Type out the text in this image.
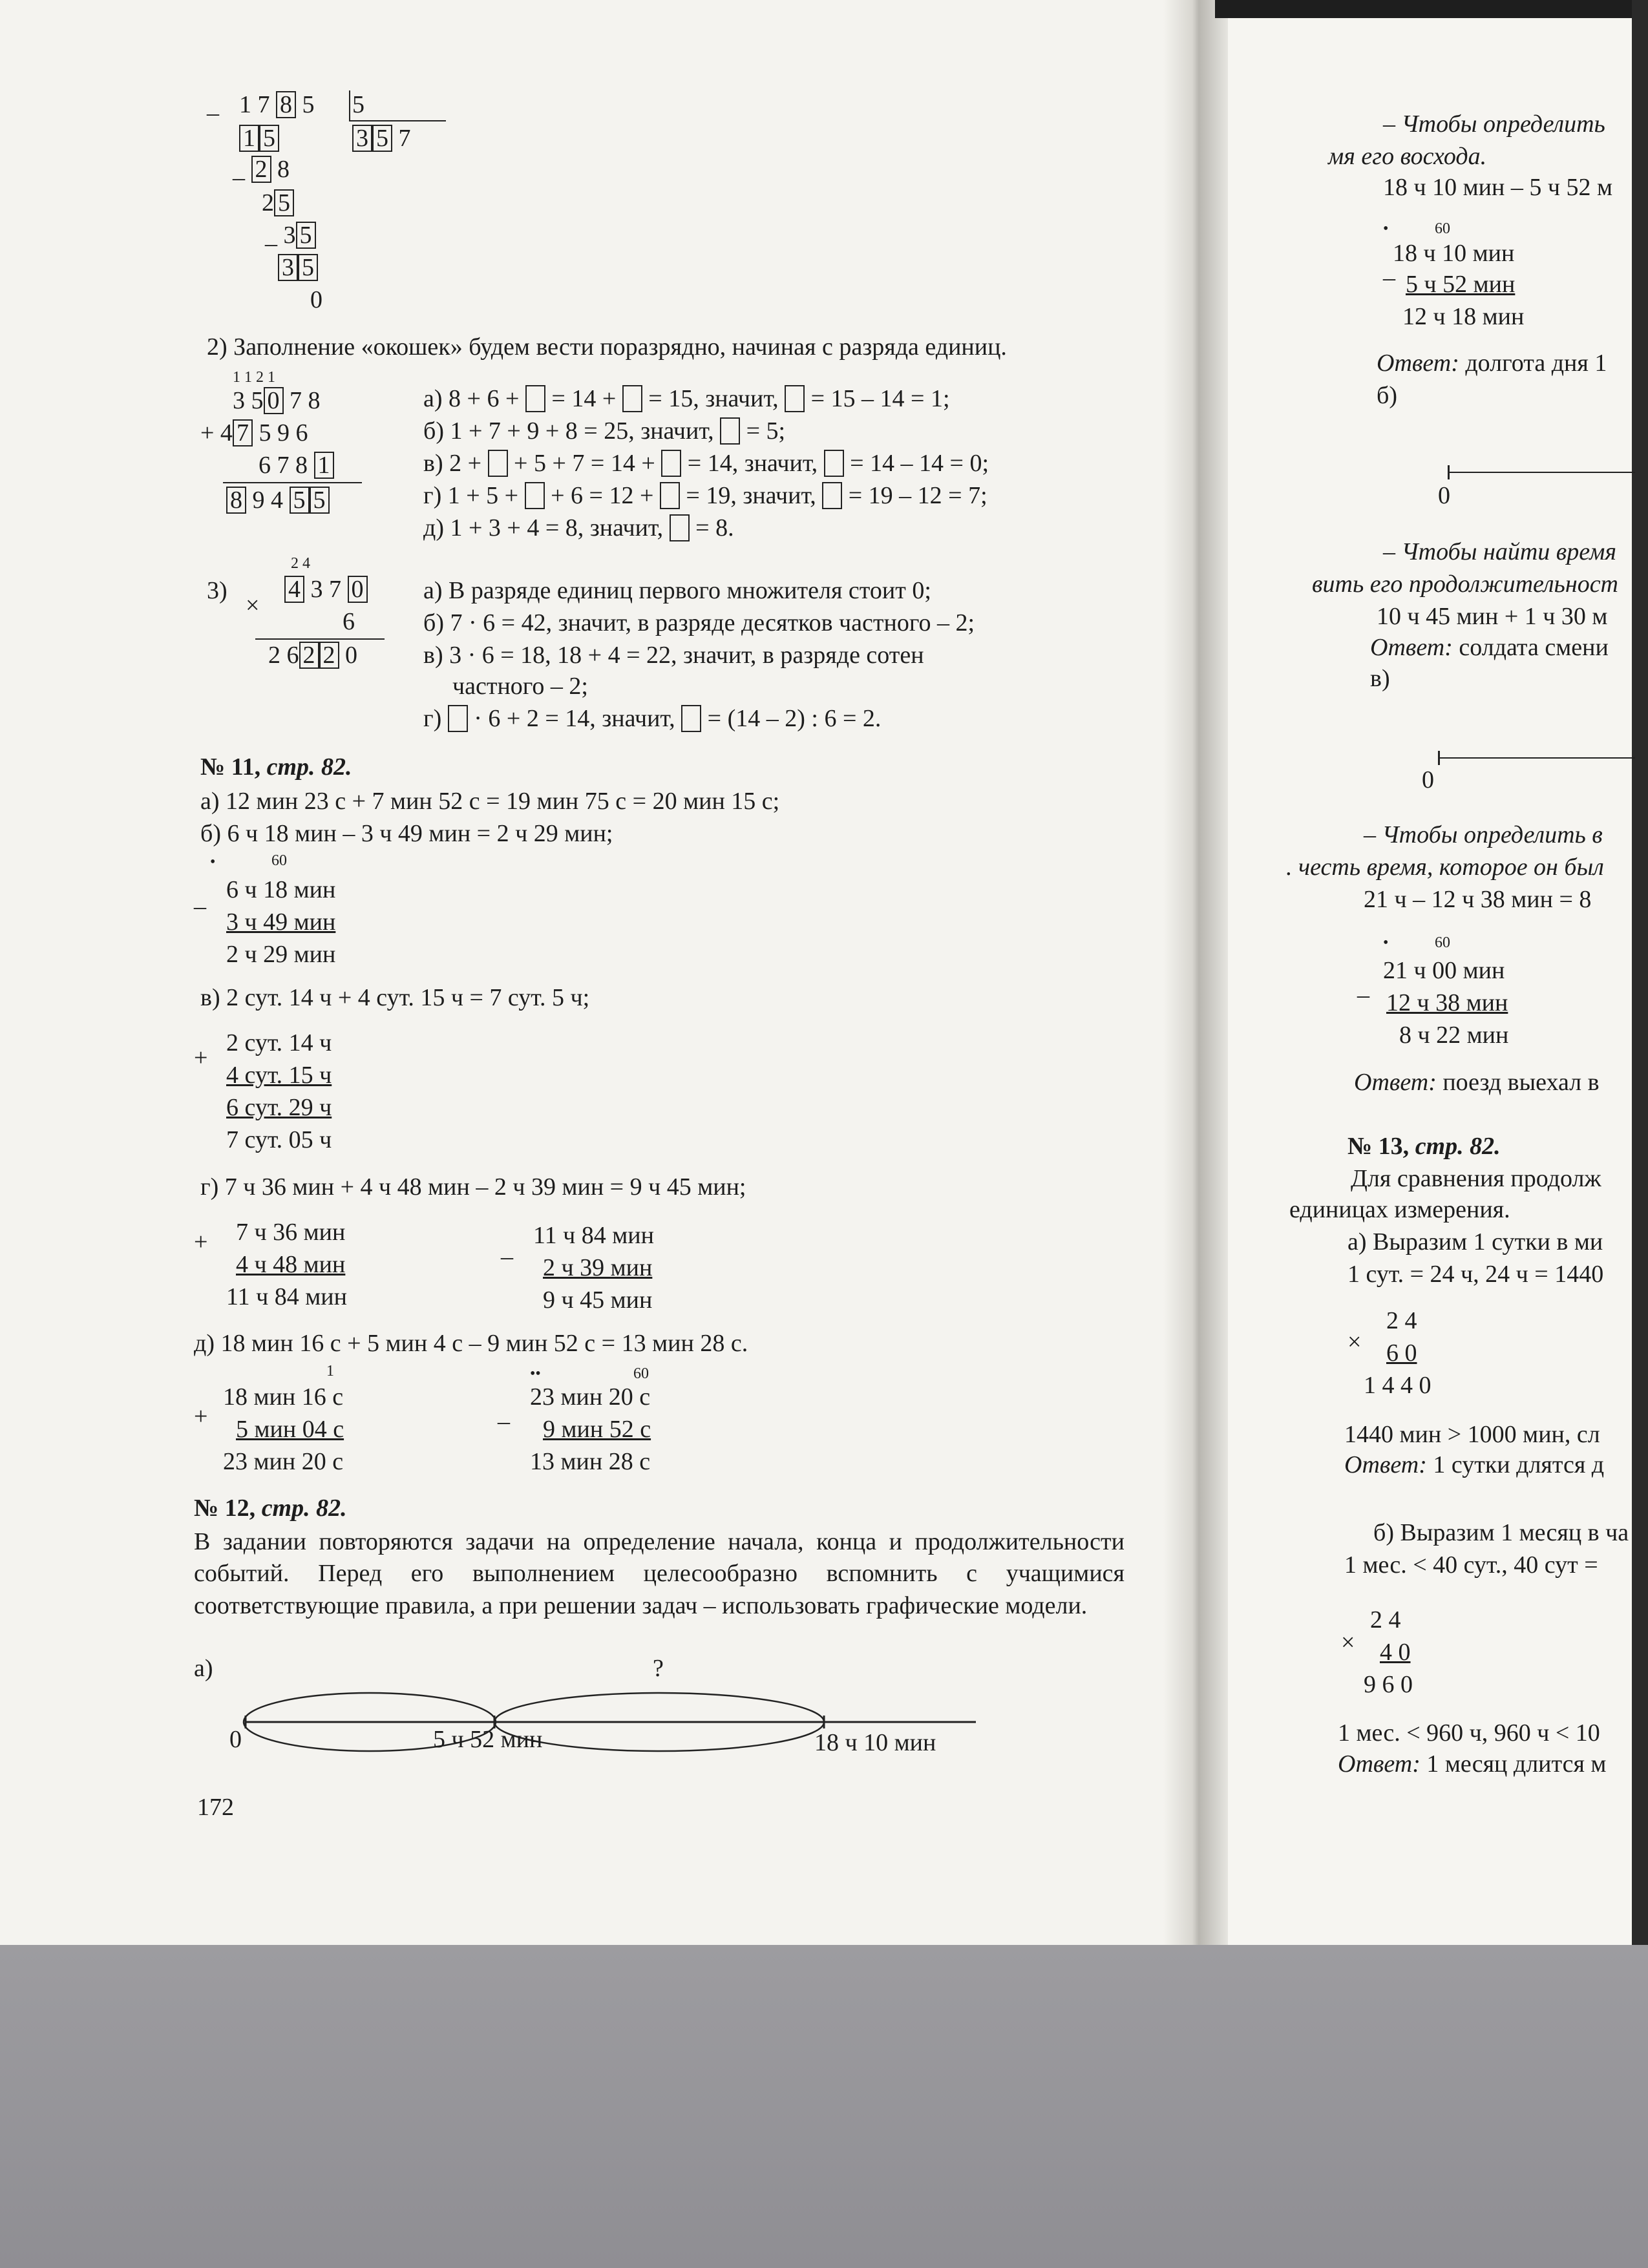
_ 1 7 8 5 5
1 5	3 5 7
_ 2 8
2 5
_ 3 5
3 5
0
2) Заполнение «окошек» будем вести поразрядно, начиная с разряда единиц.
1 1 2 1
3 5 0 7 8
+ 4 7 5 9 6
6 7 8 1
8 9 4 5 5
а) 8 + 6 + = 14 + = 15, значит, = 15 – 14 = 1;
б) 1 + 7 + 9 + 8 = 25, значит, = 5;
в) 2 + + 5 + 7 = 14 + = 14, значит, = 14 – 14 = 0;
г) 1 + 5 + + 6 = 12 + = 19, значит, = 19 – 12 = 7;
д) 1 + 3 + 4 = 8, значит, = 8.
2 4
3) 4 3 7 0
×
6
2 6 2 2 0
а) В разряде единиц первого множителя стоит 0;
б) 7 · 6 = 42, значит, в разряде десятков частного – 2;
в) 3 · 6 = 18, 18 + 4 = 22, значит, в разряде сотен
частного – 2;
г) · 6 + 2 = 14, значит, = (14 – 2) : 6 = 2.
№ 11, стр. 82.
а) 12 мин 23 с + 7 мин 52 с = 19 мин 75 с = 20 мин 15 с;
б) 6 ч 18 мин – 3 ч 49 мин = 2 ч 29 мин;
•	60
_ 6 ч 18 мин
3 ч 49 мин
2 ч 29 мин
в) 2 сут. 14 ч + 4 сут. 15 ч = 7 сут. 5 ч;
+
2 сут. 14 ч
4 сут. 15 ч
6 сут. 29 ч
7 сут. 05 ч
г) 7 ч 36 мин + 4 ч 48 мин – 2 ч 39 мин = 9 ч 45 мин;
+ 7 ч 36 мин
4 ч 48 мин
11 ч 84 мин
_ 11 ч 84 мин
2 ч 39 мин
9 ч 45 мин
д) 18 мин 16 с + 5 мин 4 с – 9 мин 52 с = 13 мин 28 с.
1
+
18 мин 16 с
5 мин 04 с
23 мин 20 с
••	60
_
23 мин 20 с
9 мин 52 с
13 мин 28 с
№ 12, стр. 82.
В задании повторяются задачи на определение начала, конца и продолжительности событий. Перед его выполнением целесообразно вспомнить с учащимися соответствующие правила, а при решении задач – использовать графические модели.
а)	?
0	5 ч 52 мин	18 ч 10 мин
172
– Чтобы определить
мя его восхода.
18 ч 10 мин – 5 ч 52 м
•	60
_
18 ч 10 мин
5 ч 52 мин
12 ч 18 мин
Ответ: долгота дня 1
б)
0
– Чтобы найти время
вить его продолжительност
10 ч 45 мин + 1 ч 30 м
Ответ: солдата смени
в)
0
– Чтобы определить в
. честь время, которое он был
21 ч – 12 ч 38 мин = 8
•	60
_
21 ч 00 мин
12 ч 38 мин
8 ч 22 мин
Ответ: поезд выехал в
№ 13, стр. 82.
Для сравнения продолж
единицах измерения.
а) Выразим 1 сутки в ми
1 сут. = 24 ч, 24 ч = 1440
×
2 4
6 0
1 4 4 0
1440 мин > 1000 мин, сл
Ответ: 1 сутки длятся д
б) Выразим 1 месяц в ча
1 мес. < 40 сут., 40 сут =
×
2 4
4 0
9 6 0
1 мес. < 960 ч, 960 ч < 10
Ответ: 1 месяц длится м
